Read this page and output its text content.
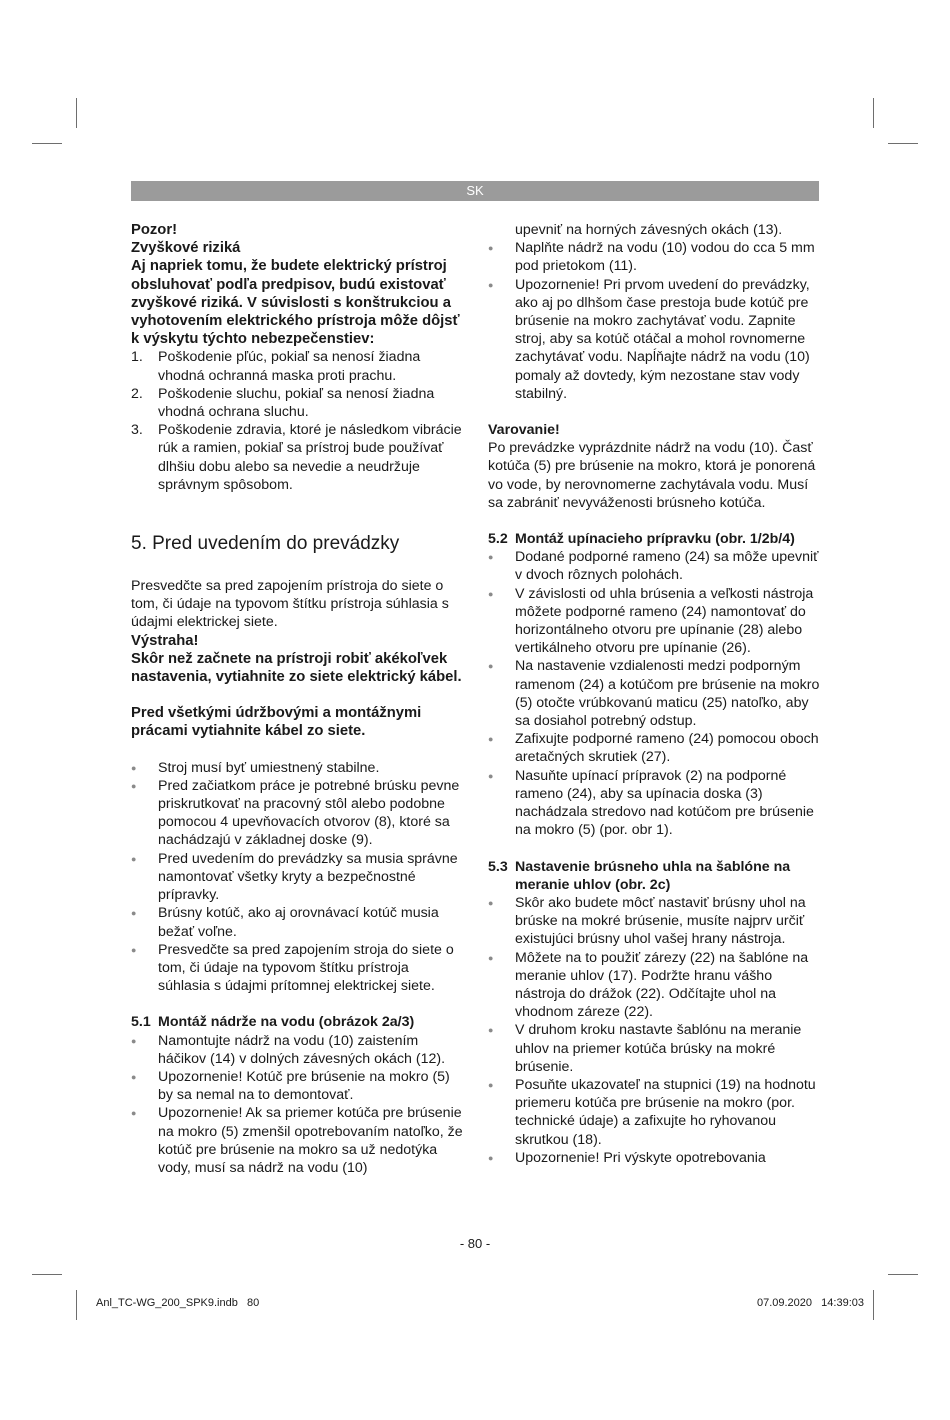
SK

Pozor!

Zvyškové riziká

Aj napriek tomu, že budete elektrický prístroj obsluhovať podľa predpisov, budú existovať zvyškové riziká. V súvislosti s konštrukciou a vyhotovením elektrického prístroja môže dôjsť k výskytu týchto nebezpečenstiev:

1. Poškodenie pľúc, pokiaľ sa nenosí žiadna vhodná ochranná maska proti prachu.
2. Poškodenie sluchu, pokiaľ sa nenosí žiadna vhodná ochrana sluchu.
3. Poškodenie zdravia, ktoré je následkom vibrácie rúk a ramien, pokiaľ sa prístroj bude používať dlhšiu dobu alebo sa nevedie a neudržuje správnym spôsobom.
5. Pred uvedením do prevádzky

Presvedčte sa pred zapojením prístroja do siete o tom, či údaje na typovom štítku prístroja súhlasia s údajmi elektrickej siete.

Výstraha!

Skôr než začnete na prístroji robiť akékoľvek nastavenia, vytiahnite zo siete elektrický kábel.

Pred všetkými údržbovými a montážnymi prácami vytiahnite kábel zo siete.

● Stroj musí byť umiestnený stabilne.
● Pred začiatkom práce je potrebné brúsku pevne priskrutkovať na pracovný stôl alebo podobne pomocou 4 upevňovacích otvorov (8), ktoré sa nachádzajú v základnej doske (9).
● Pred uvedením do prevádzky sa musia správne namontovať všetky kryty a bezpečnostné prípravky.
● Brúsny kotúč, ako aj orovnávací kotúč musia bežať voľne.
● Presvedčte sa pred zapojením stroja do siete o tom, či údaje na typovom štítku prístroja súhlasia s údajmi prítomnej elektrickej siete.

5.1 Montáž nádrže na vodu (obrázok 2a/3)

● Namontujte nádrž na vodu (10) zaistením háčikov (14) v dolných závesných okách (12).
● Upozornenie! Kotúč pre brúsenie na mokro (5) by sa nemal na to demontovať.
● Upozornenie! Ak sa priemer kotúča pre brúsenie na mokro (5) zmenšil opotrebovaním natoľko, že kotúč pre brúsenie na mokro sa už nedotýka vody, musí sa nádrž na vodu (10)

upevniť na horných závesných okách (13).

● Naplňte nádrž na vodu (10) vodou do cca 5 mm pod prietokom (11).
● Upozornenie! Pri prvom uvedení do prevádzky, ako aj po dlhšom čase prestoja bude kotúč pre brúsenie na mokro zachytávať vodu. Zapnite stroj, aby sa kotúč otáčal a mohol rovnomerne zachytávať vodu. Napĺňajte nádrž na vodu (10) pomaly až dovtedy, kým nezostane stav vody stabilný.

Varovanie!

Po prevádzke vyprázdnite nádrž na vodu (10). Časť kotúča (5) pre brúsenie na mokro, ktorá je ponorená vo vode, by nerovnomerne zachytávala vodu. Musí sa zabrániť nevyváženosti brúsneho kotúča.

5.2 Montáž upínacieho prípravku (obr. 1/2b/4)

● Dodané podporné rameno (24) sa môže upevniť v dvoch rôznych polohách.
● V závislosti od uhla brúsenia a veľkosti nástroja môžete podporné rameno (24) namontovať do horizontálneho otvoru pre upínanie (28) alebo vertikálneho otvoru pre upínanie (26).
● Na nastavenie vzdialenosti medzi podporným ramenom (24) a kotúčom pre brúsenie na mokro (5) otočte vrúbkovanú maticu (25) natoľko, aby sa dosiahol potrebný odstup.
● Zafixujte podporné rameno (24) pomocou oboch aretačných skrutiek (27).
● Nasuňte upínací prípravok (2) na podporné rameno (24), aby sa upínacia doska (3) nachádzala stredovo nad kotúčom pre brúsenie na mokro (5) (por. obr 1).

5.3 Nastavenie brúsneho uhla na šablóne na meranie uhlov (obr. 2c)

● Skôr ako budete môcť nastaviť brúsny uhol na brúske na mokré brúsenie, musíte najprv určiť existujúci brúsny uhol vašej hrany nástroja.
● Môžete na to použiť zárezy (22) na šablóne na meranie uhlov (17). Podržte hranu vášho nástroja do drážok (22). Odčítajte uhol na vhodnom záreze (22).
● V druhom kroku nastavte šablónu na meranie uhlov na priemer kotúča brúsky na mokré brúsenie.
● Posuňte ukazovateľ na stupnici (19) na hodnotu priemeru kotúča pre brúsenie na mokro (por. technické údaje) a zafixujte ho ryhovanou skrutkou (18).
● Upozornenie! Pri výskyte opotrebovania
- 80 -
Anl_TC-WG_200_SPK9.indb   80	07.09.2020   14:39:03
